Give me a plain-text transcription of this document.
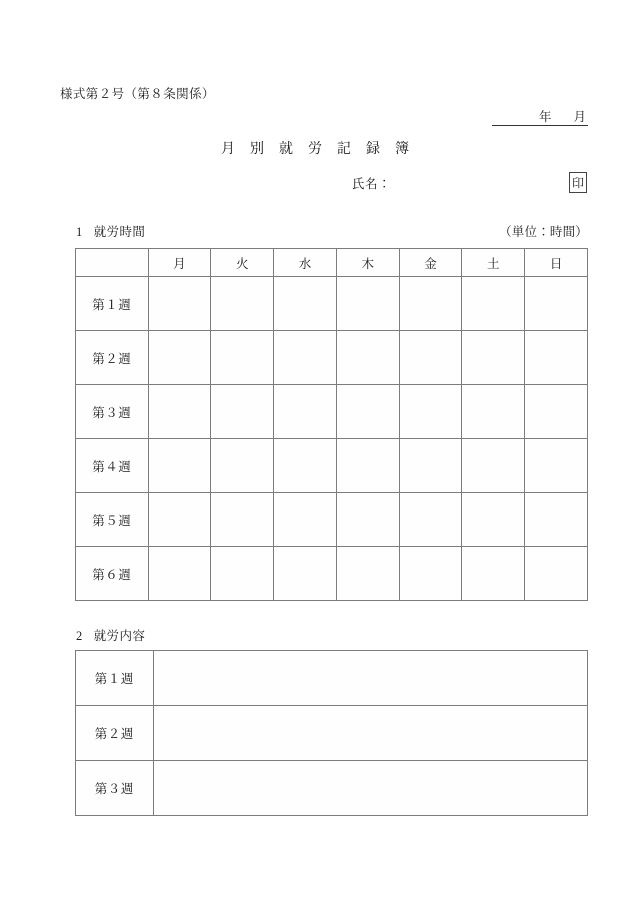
様式第２号（第８条関係）
年 月
月別就労記録簿
氏名：	印
1 就労時間	（単位：時間）
	月	火	水	木	金	土	日
第１週							
第２週							
第３週							
第４週							
第５週							
第６週							
2 就労内容
第１週	
第２週	
第３週	
